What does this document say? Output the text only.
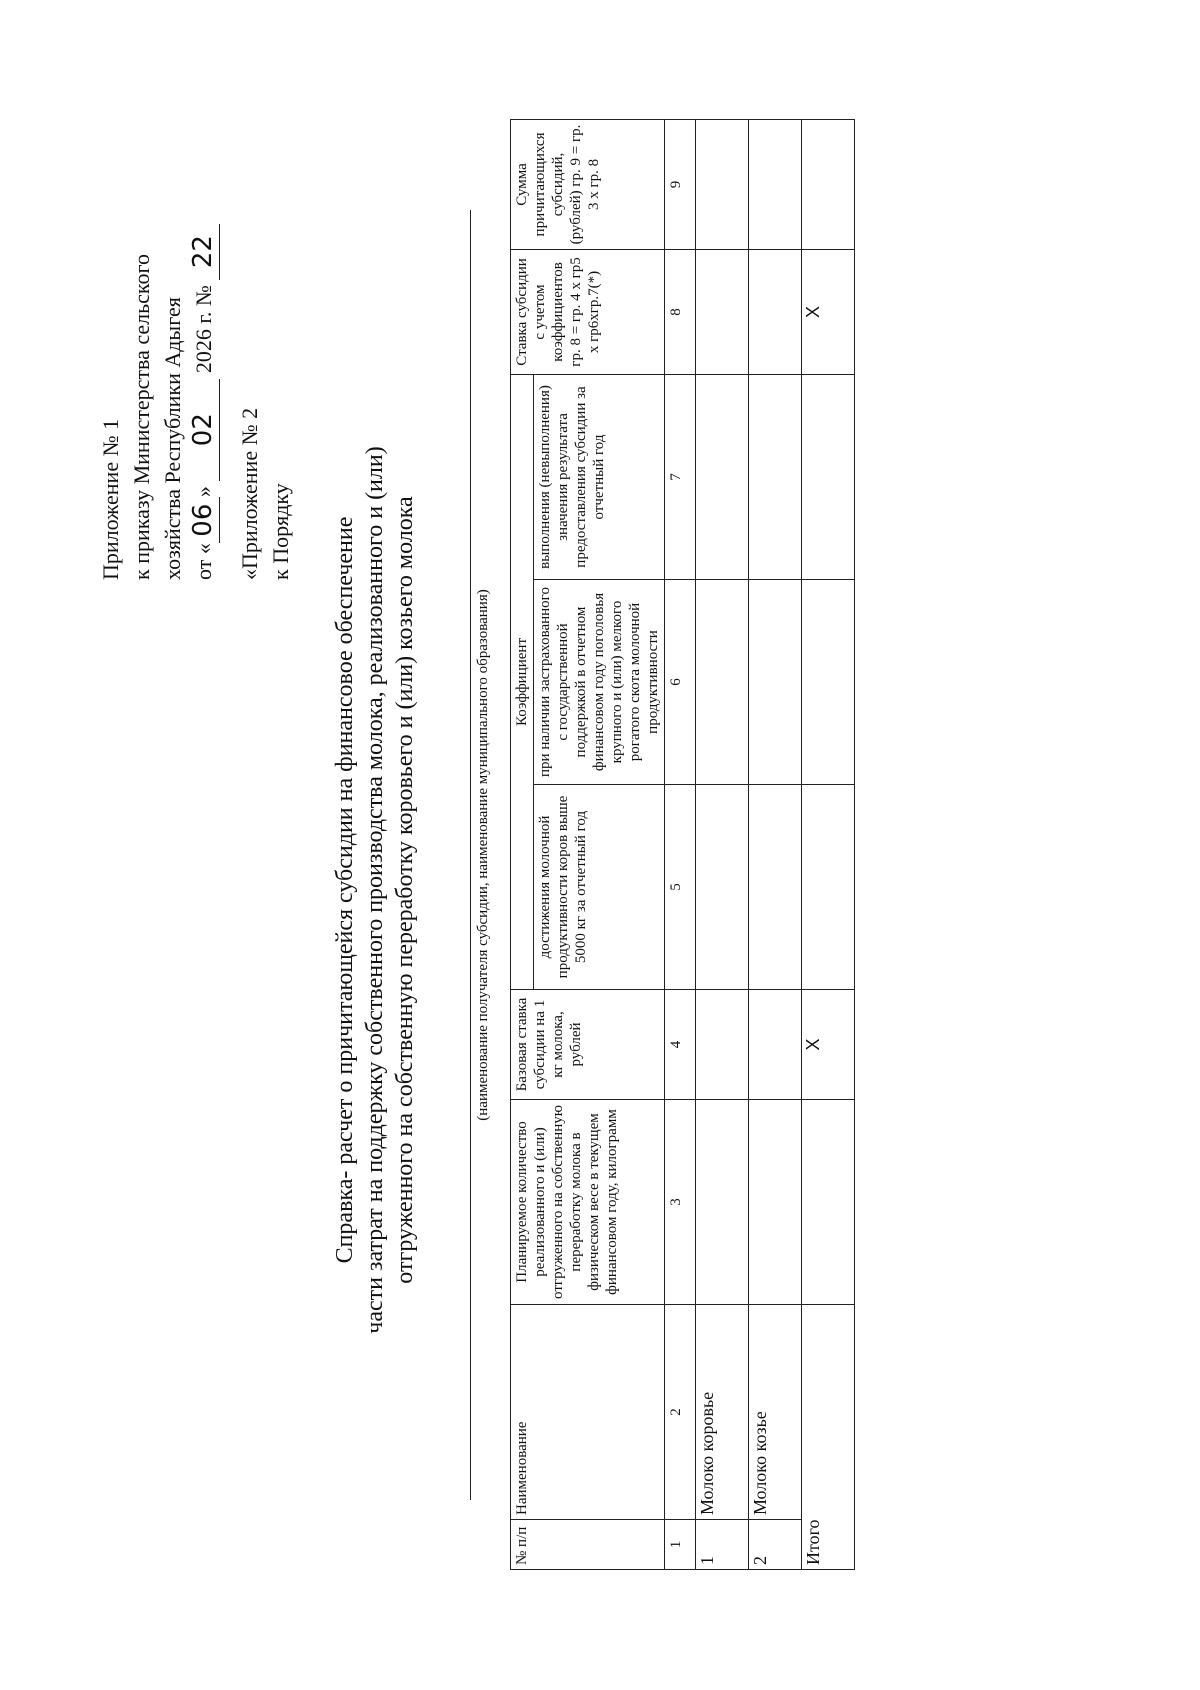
Приложение № 1 к приказу Министерства сельского хозяйства Республики Адыгея от «06» 02 2026 г. № 22
«Приложение № 2 к Порядку Справка- расчет о причитающейся субсидии на финансовое обеспечение части затрат на поддержку собственного производства молока, реализованного и (или) отгруженного на собственную переработку коровьего и (или) козьего молока	(наименование получателя субсидии, наименование муниципального образования)
№ п/п	Наименование	Планируемое количество реализованного и (или) отгруженного на собственную переработку молока в физическом весе в текущем финансовом году, килограмм	Базовая ставка субсидии на 1 кг молока, рублей	Коэффициент			Ставка субсидии с учетом коэффициентов гр. 8 = гр. 4 х гр5 х гр6хгр.7(*)	Сумма причитающихся субсидий, (рублей) гр. 9 = гр. 3 х гр. 8
				достижения молочной продуктивности коров выше 5000 кг за отчетный год	при наличии застрахованного с государственной поддержкой в отчетном финансовом году поголовья крупного и (или) мелкого рогатого скота молочной продуктивности	выполнения (невыполнения) значения результата предоставления субсидии за отчетный год		
1	2	3	4	5	6	7	8	9
1	Молоко коровье							
2	Молоко козье							
Итого			Х				Х	
